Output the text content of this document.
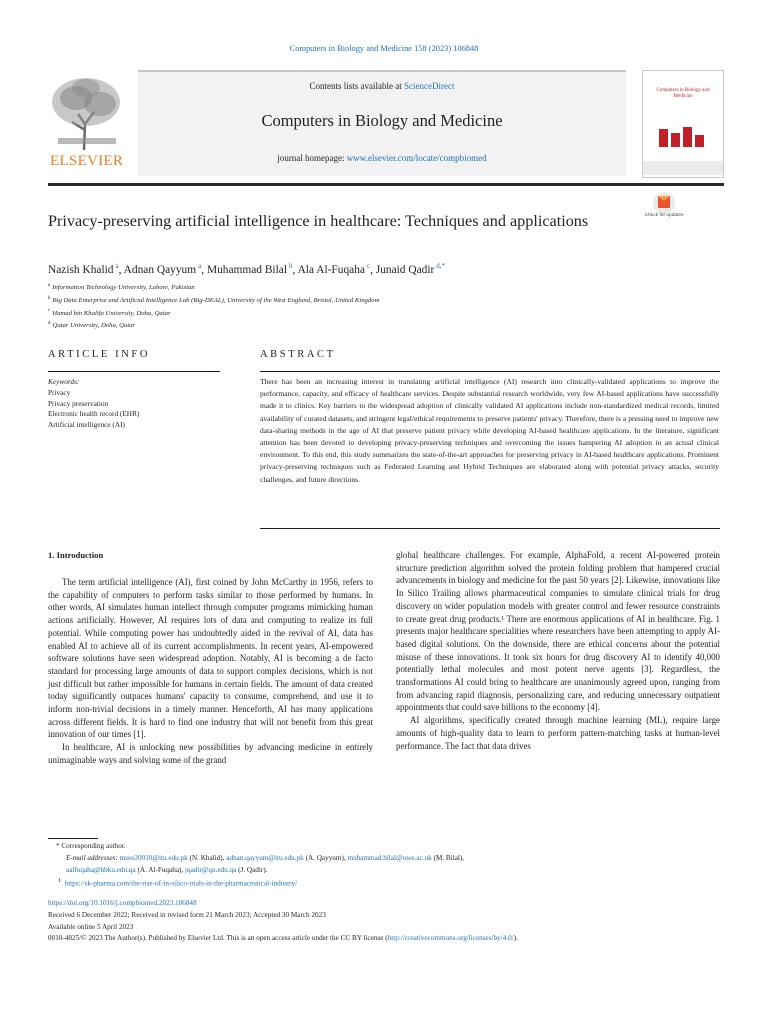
Computers in Biology and Medicine 158 (2023) 106848
ELSEVIER
Contents lists available at ScienceDirect
Computers in Biology and Medicine
journal homepage: www.elsevier.com/locate/compbiomed
Computers in Biology and Medicine
Privacy-preserving artificial intelligence in healthcare: Techniques and applications	Check for updates
Nazish Khalid $^a$, Adnan Qayyum $^a$, Muhammad Bilal $^b$, Ala Al-Fuqaha $^c$, Junaid Qadir $^{d,*}$
$^a$ Information Technology University, Lahore, Pakistan
$^b$ Big Data Enterprise and Artificial Intelligence Lab (Big-DEAL), University of the West England, Bristol, United Kingdom
$^c$ Hamad bin Khalifa University, Doha, Qatar
$^d$ Qatar University, Doha, Qatar
ARTICLE INFO	ABSTRACT
Keywords:
Privacy
Privacy preservation
Electronic health record (EHR)
Artificial intelligence (AI)
There has been an increasing interest in translating artificial intelligence (AI) research into clinically-validated applications to improve the performance, capacity, and efficacy of healthcare services. Despite substantial research worldwide, very few AI-based applications have successfully made it to clinics. Key barriers to the widespread adoption of clinically validated AI applications include non-standardized medical records, limited availability of curated datasets, and stringent legal/ethical requirements to preserve patients' privacy. Therefore, there is a pressing need to improve new data-sharing methods in the age of AI that preserve patient privacy while developing AI-based healthcare applications. In the literature, significant attention has been devoted to developing privacy-preserving techniques and overcoming the issues hampering AI adoption in an actual clinical environment. To this end, this study summarizes the state-of-the-art approaches for preserving privacy in AI-based healthcare applications. Prominent privacy-preserving techniques such as Federated Learning and Hybrid Techniques are elaborated along with potential privacy attacks, security challenges, and future directions.
1. Introduction

The term artificial intelligence (AI), first coined by John McCarthy in 1956, refers to the capability of computers to perform tasks similar to those performed by humans. In other words, AI simulates human intellect through computer programs mimicking human actions artificially. However, AI requires lots of data and computing to realize its full potential. While computing power has undoubtedly aided in the revival of AI, data has enabled AI to achieve all of its current accomplishments. In recent years, AI-empowered software solutions have seen widespread adoption. Notably, AI is becoming a de facto standard for processing large amounts of data to support complex decisions, which is not just difficult but rather impossible for humans in certain fields. The amount of data created today significantly outpaces humans' capacity to consume, comprehend, and use it to inform non-trivial decisions in a timely manner. Henceforth, AI has many applications across different fields. It is hard to find one industry that will not benefit from this great innovation of our times [1].

In healthcare, AI is unlocking new possibilities by advancing medicine in entirely unimaginable ways and solving some of the grand

global healthcare challenges. For example, AlphaFold, a recent AI-powered protein structure prediction algorithm solved the protein folding problem that hampered crucial advancements in biology and medicine for the past 50 years [2]. Likewise, innovations like In Silico Trailing allows pharmaceutical companies to simulate clinical trials for drug discovery on wider population models with greater control and fewer resource constraints to create great drug products.¹ There are enormous applications of AI in healthcare. Fig. 1 presents major healthcare specialities where researchers have been attempting to apply AI-based digital solutions. On the downside, there are ethical concerns about the potential misuse of these innovations. It took six hours for drug discovery AI to identify 40,000 potentially lethal molecules and most potent nerve agents [3]. Regardless, the transformations AI could bring to healthcare are unanimously agreed upon, ranging from from advancing rapid diagnosis, personalizing care, and reducing unnecessary outpatient appointments that could save billions to the economy [4].

AI algorithms, specifically created through machine learning (ML), require large amounts of high-quality data to learn to perform pattern-matching tasks at human-level performance. The fact that data drives

* Corresponding author.
E-mail addresses: msee20010@itu.edu.pk (N. Khalid), adnan.qayyum@itu.edu.pk (A. Qayyum), muhammad.bilal@uwe.ac.uk (M. Bilal),
aalfuqaha@hbku.edu.qa (A. Al-Fuqaha), jqadir@qu.edu.qa (J. Qadir).
$^1$ https://sk-pharma.com/the-rise-of-in-silico-trials-in-the-pharmaceutical-industry/
https://doi.org/10.1016/j.compbiomed.2023.106848
Received 6 December 2022; Received in revised form 21 March 2023; Accepted 30 March 2023
Available online 5 April 2023
0010-4825/© 2023 The Author(s). Published by Elsevier Ltd. This is an open access article under the CC BY license (http://creativecommons.org/licenses/by/4.0/).
